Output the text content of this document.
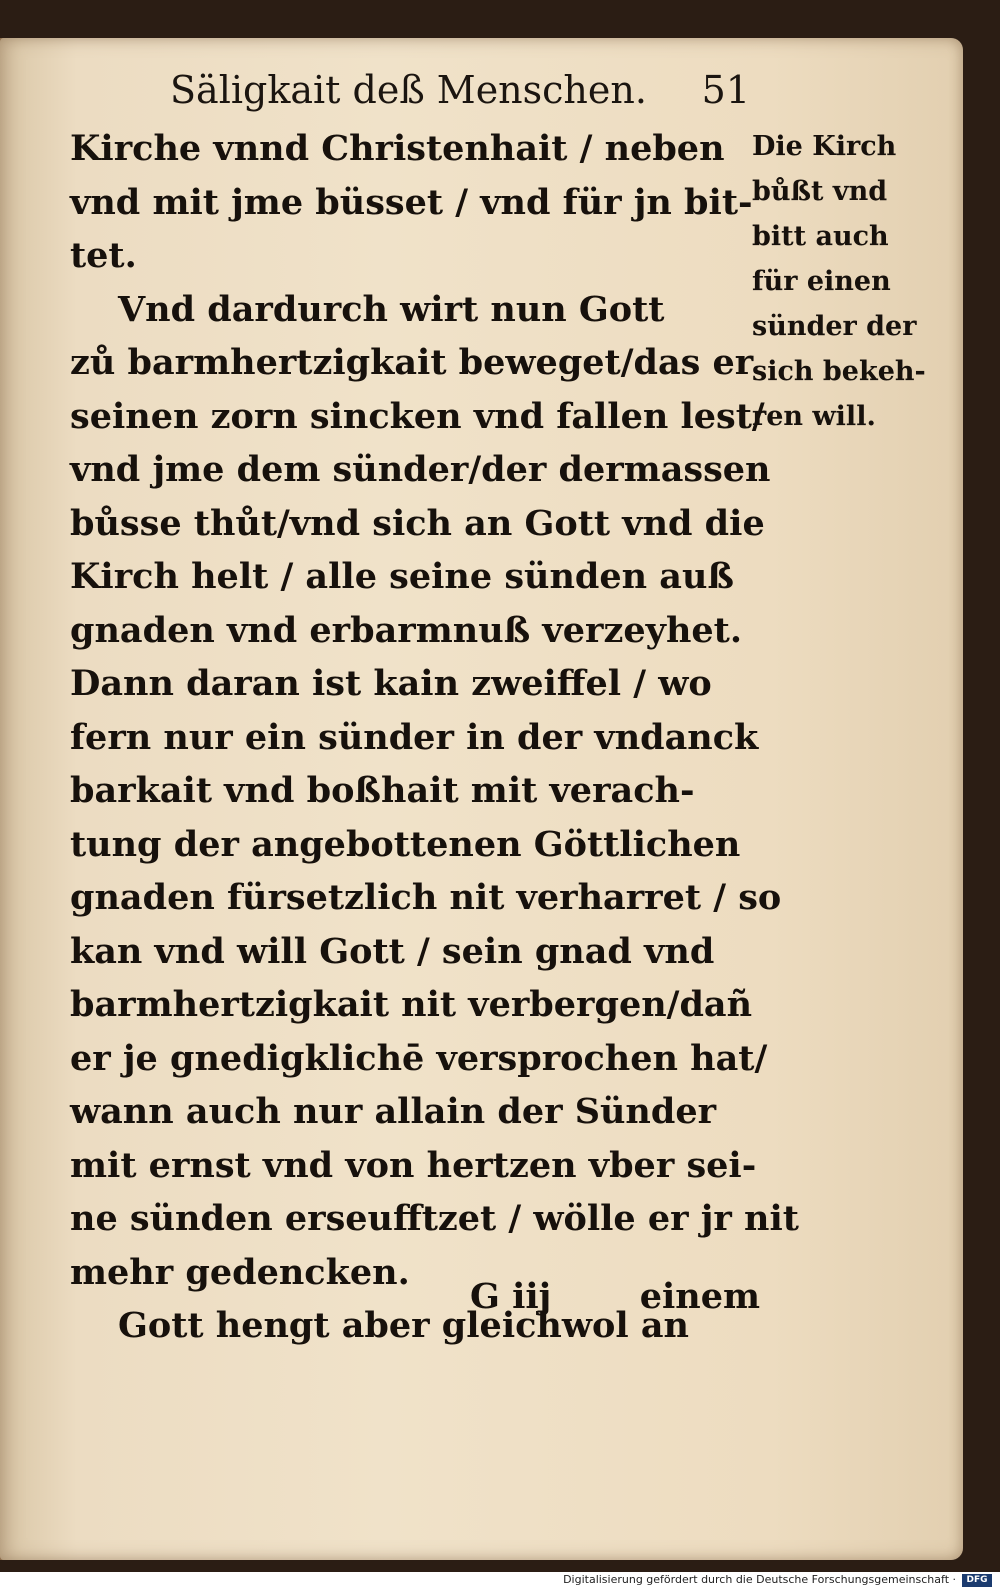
Säligkait deß Menschen. 51
Kirche vnnd Christenhait / neben
vnd mit jme büsset / vnd für jn bit-
tet.
Vnd dardurch wirt nun Gott
zů barmhertzigkait beweget/das er
seinen zorn sincken vnd fallen lest/
vnd jme dem sünder/der dermassen
bůsse thůt/vnd sich an Gott vnd die
Kirch helt / alle seine sünden auß
gnaden vnd erbarmnuß verzeyhet.
Dann daran ist kain zweiffel / wo
fern nur ein sünder in der vndanck
barkait vnd boßhait mit verach-
tung der angebottenen Göttlichen
gnaden fürsetzlich nit verharret / so
kan vnd will Gott / sein gnad vnd
barmhertzigkait nit verbergen/dañ
er je gnedigklichē versprochen hat/
wann auch nur allain der Sünder
mit ernst vnd von hertzen vber sei-
ne sünden erseufftzet / wölle er jr nit
mehr gedencken.
Gott hengt aber gleichwol an
Die Kirch
bůßt vnd
bitt auch
für einen
sünder der
sich bekeh-
ren will.
G iij	einem
Digitalisierung gefördert durch die Deutsche Forschungsgemeinschaft ·	DFG
